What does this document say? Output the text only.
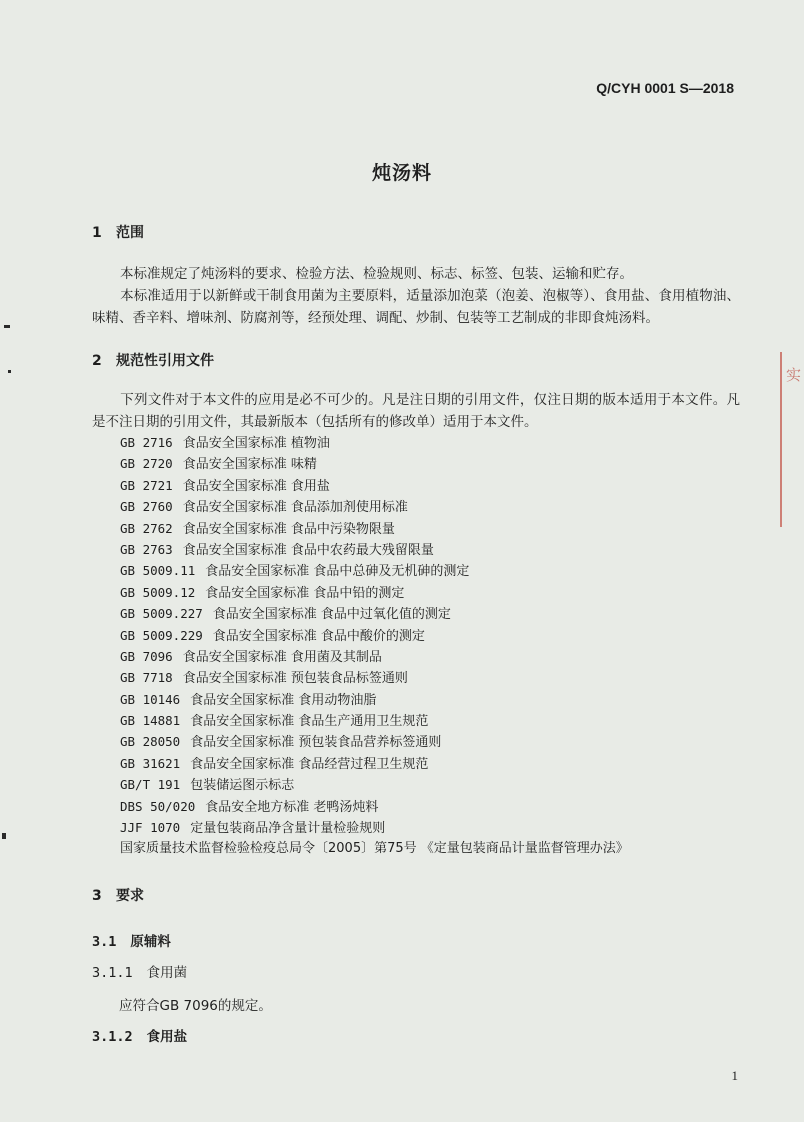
Q/CYH 0001 S—2018
炖汤料
1 范围
本标准规定了炖汤料的要求、检验方法、检验规则、标志、标签、包装、运输和贮存。
本标准适用于以新鲜或干制食用菌为主要原料，适量添加泡菜（泡姜、泡椒等）、食用盐、食用植物油、味精、香辛料、增味剂、防腐剂等，经预处理、调配、炒制、包装等工艺制成的非即食炖汤料。
2 规范性引用文件
下列文件对于本文件的应用是必不可少的。凡是注日期的引用文件，仅注日期的版本适用于本文件。凡是不注日期的引用文件，其最新版本（包括所有的修改单）适用于本文件。
GB 2716 食品安全国家标准 植物油
GB 2720 食品安全国家标准 味精
GB 2721 食品安全国家标准 食用盐
GB 2760 食品安全国家标准 食品添加剂使用标准
GB 2762 食品安全国家标准 食品中污染物限量
GB 2763 食品安全国家标准 食品中农药最大残留限量
GB 5009.11 食品安全国家标准 食品中总砷及无机砷的测定
GB 5009.12 食品安全国家标准 食品中铅的测定
GB 5009.227 食品安全国家标准 食品中过氧化值的测定
GB 5009.229 食品安全国家标准 食品中酸价的测定
GB 7096 食品安全国家标准 食用菌及其制品
GB 7718 食品安全国家标准 预包装食品标签通则
GB 10146 食品安全国家标准 食用动物油脂
GB 14881 食品安全国家标准 食品生产通用卫生规范
GB 28050 食品安全国家标准 预包装食品营养标签通则
GB 31621 食品安全国家标准 食品经营过程卫生规范
GB/T 191 包装储运图示标志
DBS 50/020 食品安全地方标准 老鸭汤炖料
JJF 1070 定量包装商品净含量计量检验规则
国家质量技术监督检验检疫总局令〔2005〕第75号 《定量包装商品计量监督管理办法》
3 要求
3.1 原辅料
3.1.1 食用菌
应符合GB 7096的规定。
3.1.2 食用盐
1
实
